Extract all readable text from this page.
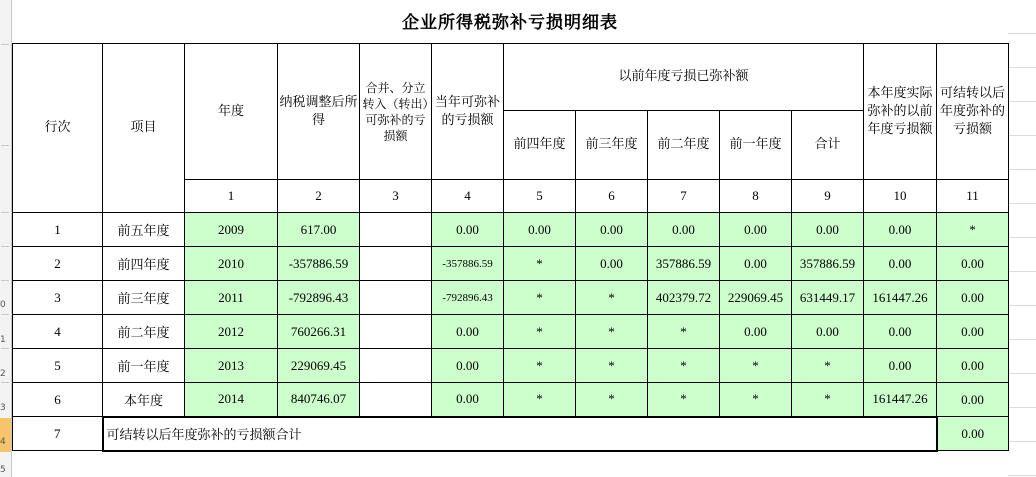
0
1
2
3
4
5
企业所得税弥补亏损明细表
行次	项目	年度	纳税调整后所得	合并、分立转入（转出）可弥补的亏损额	当年可弥补的亏损额	以前年度亏损已弥补额					本年度实际弥补的以前年度亏损额	可结转以后年度弥补的亏损额
						前四年度	前三年度	前二年度	前一年度	合计		
		1	2	3	4	5	6	7	8	9	10	11
1	前五年度	2009	617.00		0.00	0.00	0.00	0.00	0.00	0.00	0.00	*
2	前四年度	2010	-357886.59		-357886.59	*	0.00	357886.59	0.00	357886.59	0.00	0.00
3	前三年度	2011	-792896.43		-792896.43	*	*	402379.72	229069.45	631449.17	161447.26	0.00
4	前二年度	2012	760266.31		0.00	*	*	*	0.00	0.00	0.00	0.00
5	前一年度	2013	229069.45		0.00	*	*	*	*	*	0.00	0.00
6	本年度	2014	840746.07		0.00	*	*	*	*	*	161447.26	0.00
7	可结转以后年度弥补的亏损额合计											0.00
